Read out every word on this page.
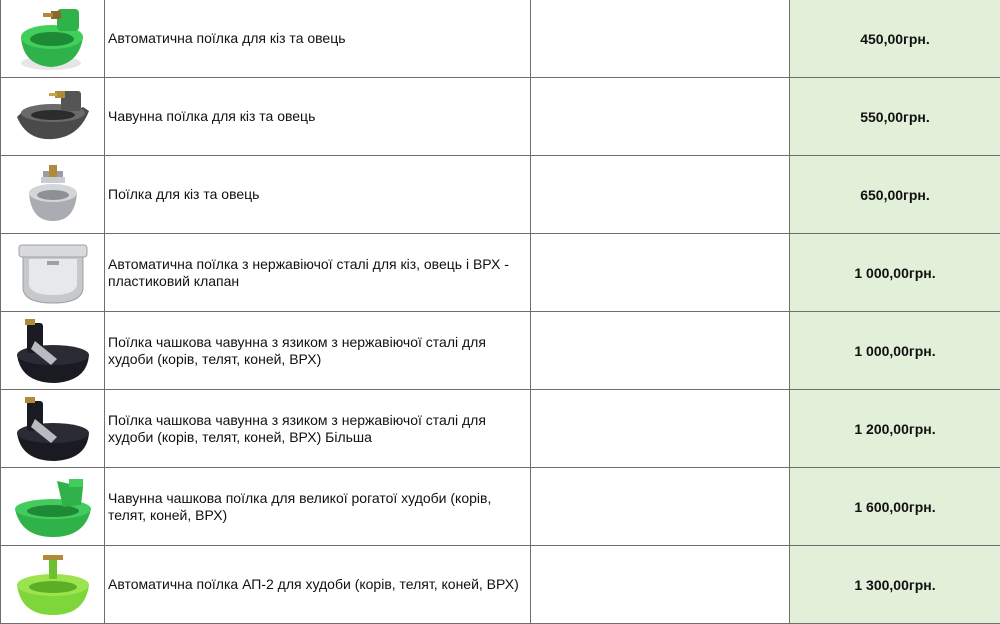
	Автоматична поїлка для кіз та овець		450,00грн.

	Чавунна поїлка для кіз та овець		550,00грн.

	Поїлка для кіз та овець		650,00грн.

	Автоматична поїлка з нержавіючої сталі для кіз, овець і ВРХ - пластиковий клапан		1 000,00грн.

	Поїлка чашкова чавунна з язиком з нержавіючої сталі для худоби (корів, телят, коней, ВРХ)		1 000,00грн.

	Поїлка чашкова чавунна з язиком з нержавіючої сталі для худоби (корів, телят, коней, ВРХ) Більша		1 200,00грн.

	Чавунна чашкова поїлка для великої рогатої худоби (корів, телят, коней, ВРХ)		1 600,00грн.

	Автоматична поїлка АП-2 для худоби (корів, телят, коней, ВРХ)		1 300,00грн.
